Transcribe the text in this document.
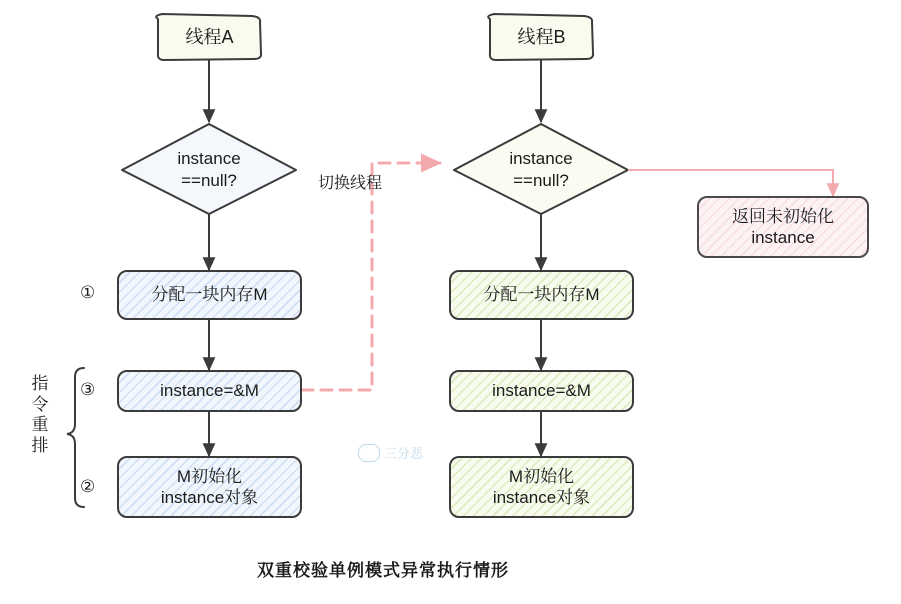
instance
==null?
instance
==null?
线程A	线程B
分配一块内存M
①
instance=&M
③
M初始化
instance对象
②
指令重排
分配一块内存M
instance=&M
M初始化
instance对象
返回未初始化
instance
切换线程
三分恶
双重校验单例模式异常执行情形
